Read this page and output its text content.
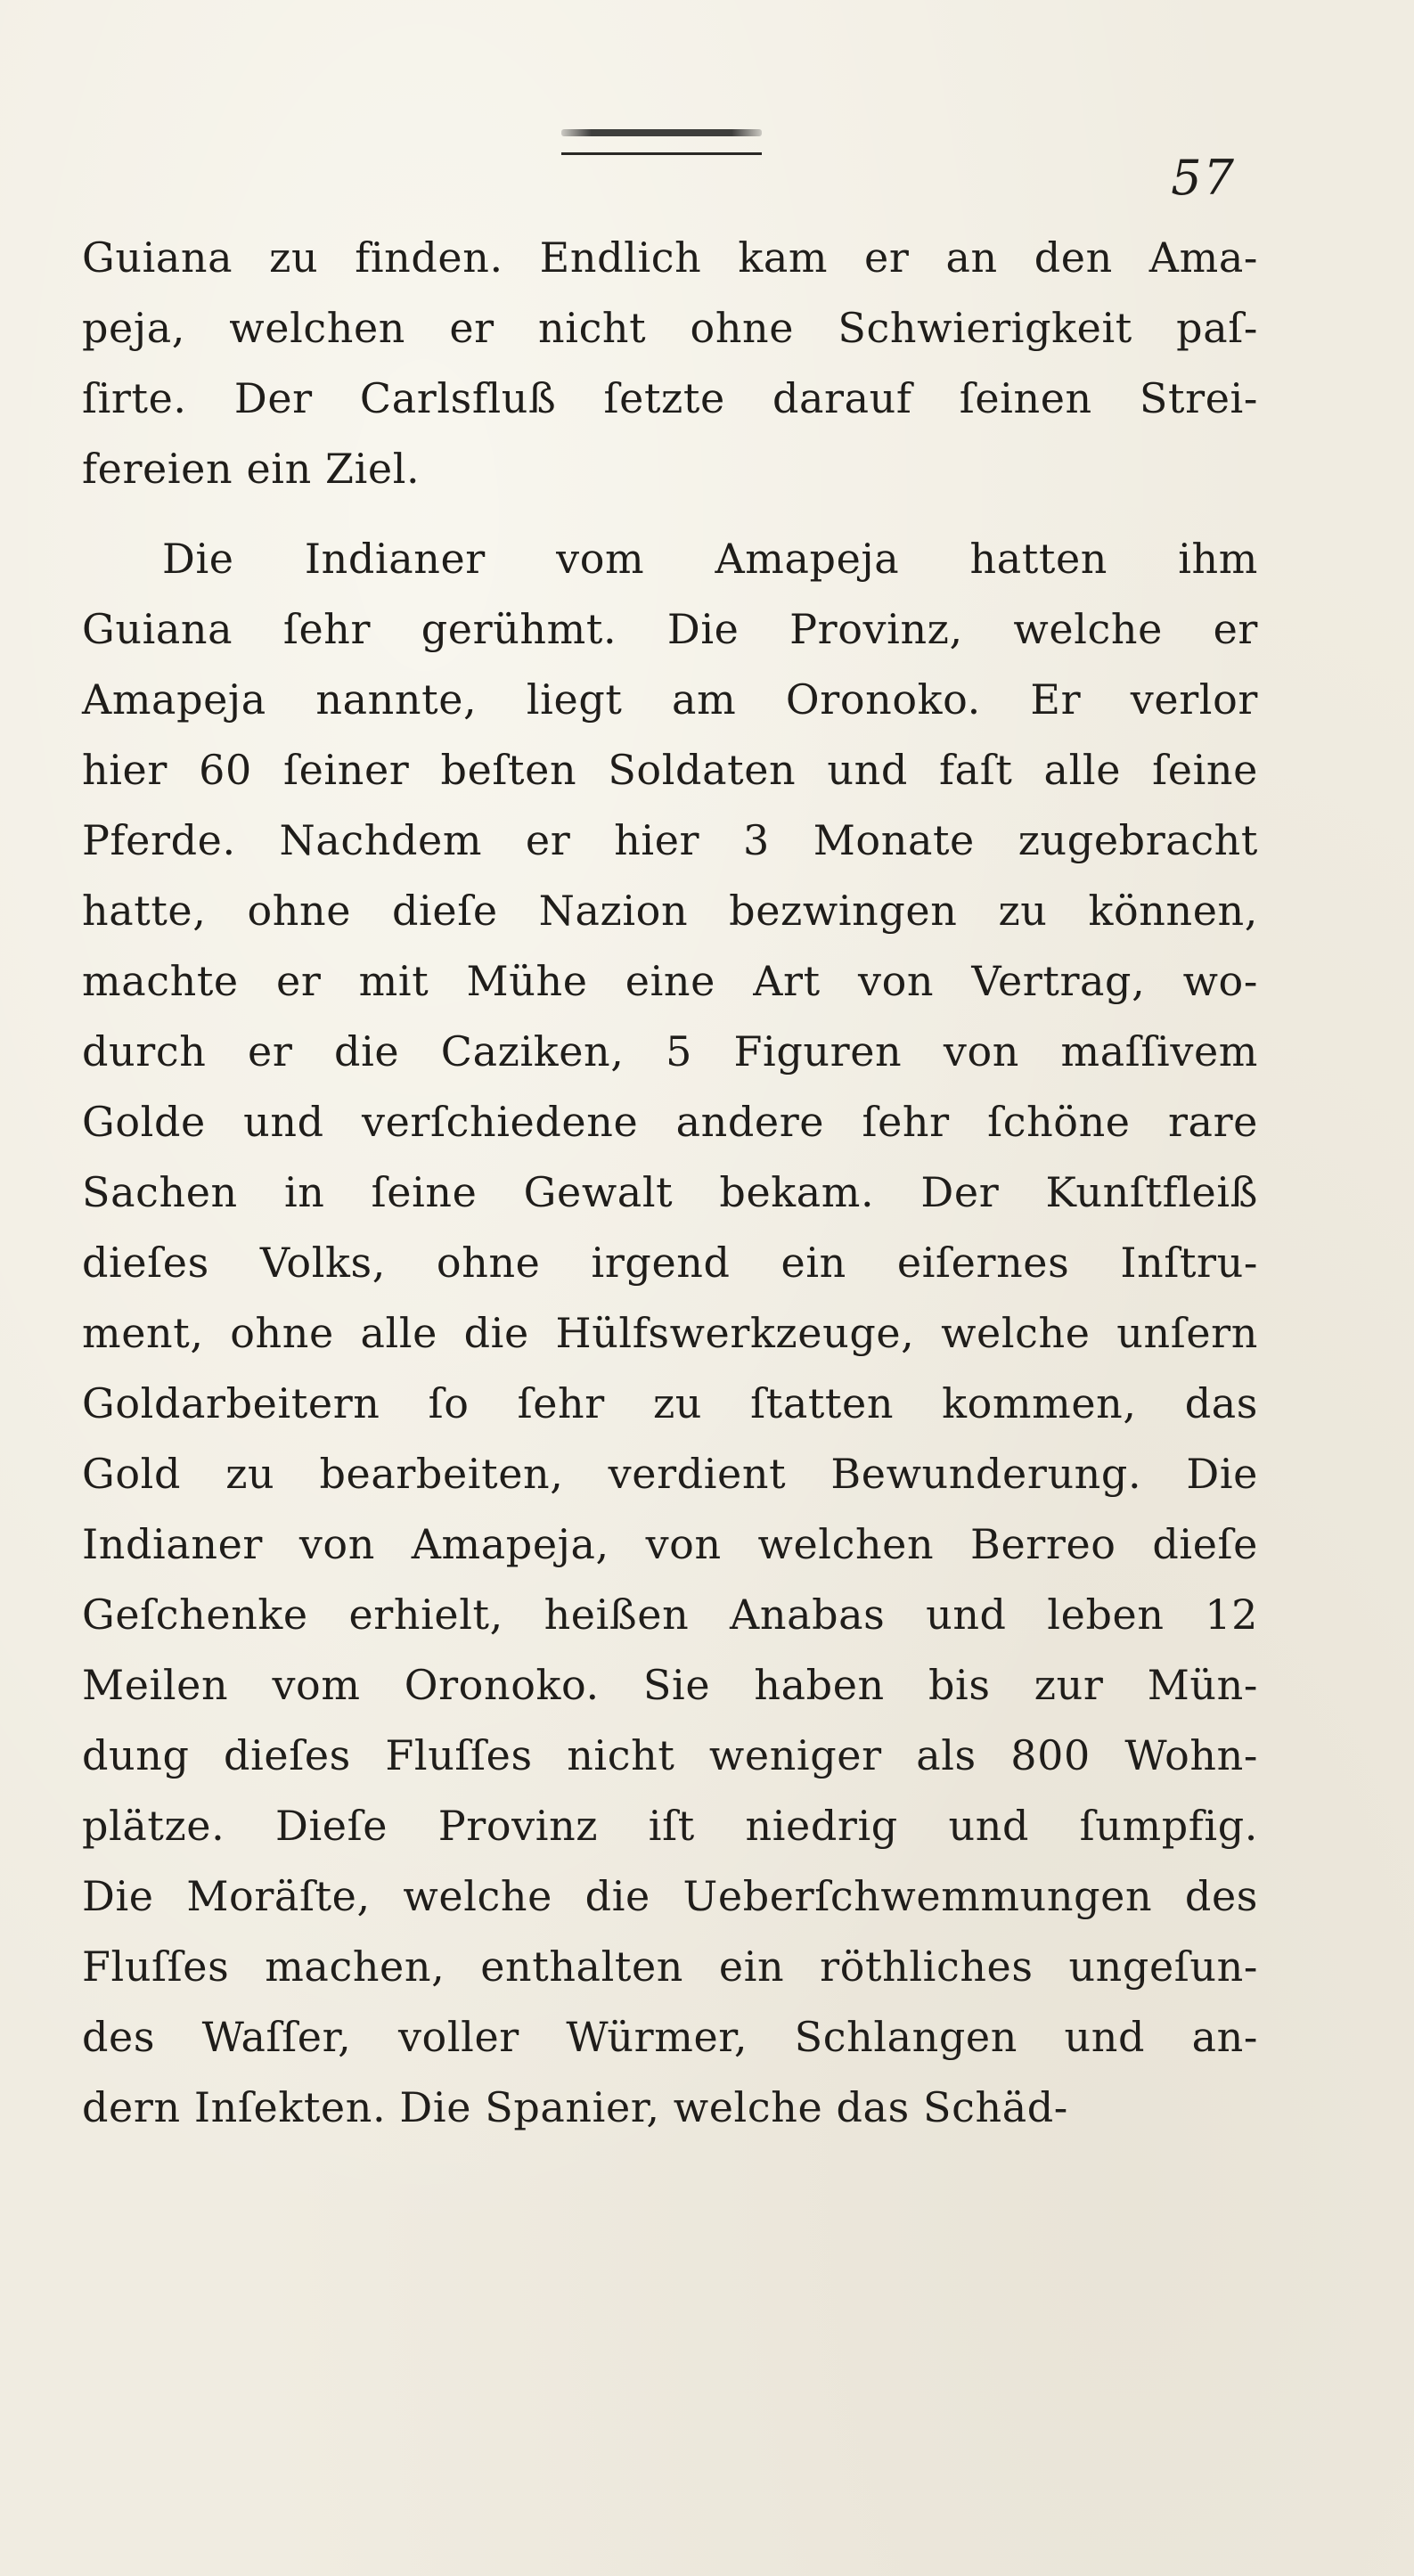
57
Guiana zu finden. Endlich kam er an den Ama-
peja, welchen er nicht ohne Schwierigkeit paſ-
ſirte. Der Carlsfluß ſetzte darauf ſeinen Strei-
fereien ein Ziel.
Die Indianer vom Amapeja hatten ihm
Guiana ſehr gerühmt. Die Provinz, welche er
Amapeja nannte, liegt am Oronoko. Er verlor
hier 60 ſeiner beſten Soldaten und faſt alle ſeine
Pferde. Nachdem er hier 3 Monate zugebracht
hatte, ohne dieſe Nazion bezwingen zu können,
machte er mit Mühe eine Art von Vertrag, wo-
durch er die Caziken, 5 Figuren von maſſivem
Golde und verſchiedene andere ſehr ſchöne rare
Sachen in ſeine Gewalt bekam. Der Kunſtfleiß
dieſes Volks, ohne irgend ein eiſernes Inſtru-
ment, ohne alle die Hülfswerkzeuge, welche unſern
Goldarbeitern ſo ſehr zu ſtatten kommen, das
Gold zu bearbeiten, verdient Bewunderung. Die
Indianer von Amapeja, von welchen Berreo dieſe
Geſchenke erhielt, heißen Anabas und leben 12
Meilen vom Oronoko. Sie haben bis zur Mün-
dung dieſes Fluſſes nicht weniger als 800 Wohn-
plätze. Dieſe Provinz iſt niedrig und ſumpfig.
Die Moräſte, welche die Ueberſchwemmungen des
Fluſſes machen, enthalten ein röthliches ungeſun-
des Waſſer, voller Würmer, Schlangen und an-
dern Inſekten. Die Spanier, welche das Schäd-
